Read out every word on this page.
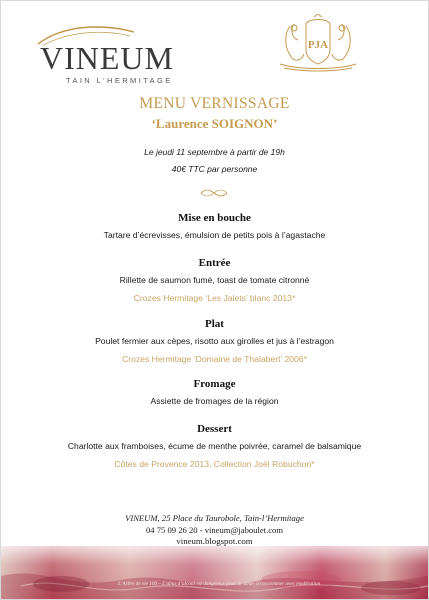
VINEUM
TAIN L'HERMITAGE
PJA
MENU VERNISSAGE
‘Laurence SOIGNON’
Le jeudi 11 septembre à partir de 19h
40€ TTC par personne
Mise en bouche
Tartare d’écrevisses, émulsion de petits pois à l’agastache
Entrée
Rillette de saumon fumé, toast de tomate citronné
Crozes Hermitage ‘Les Jalets’ blanc 2013*
Plat
Poulet fermier aux cèpes, risotto aux girolles et jus à l’estragon
Crozes Hermitage ‘Domaine de Thalabert’ 2006*
Fromage
Assiette de fromages de la région
Dessert
Charlotte aux framboises, écume de menthe poivrée, caramel de balsamique
Côtes de Provence 2013, Collection Joël Robuchon*
VINEUM, 25 Place du Taurobole, Tain-l’Hermitage
04 75 09 26 20 - vineum@jaboulet.com
vineum.blogspot.com
L’Arbre de vie 100 – L’abus d’alcool est dangereux pour la santé, à consommer avec modération
